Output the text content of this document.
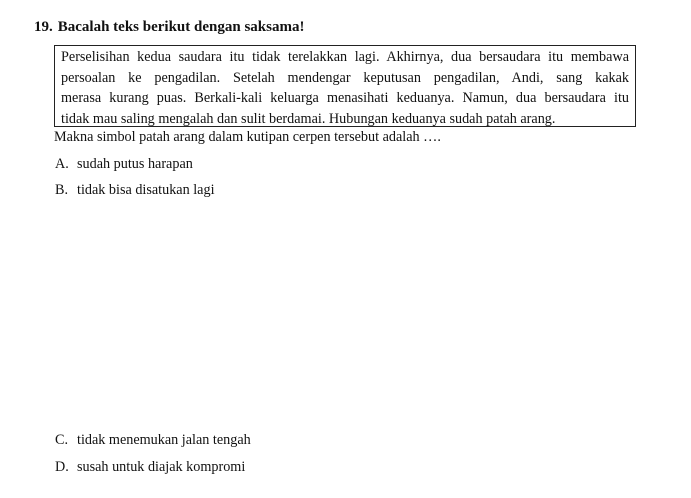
19. Bacalah teks berikut dengan saksama!
Perselisihan kedua saudara itu tidak terelakkan lagi. Akhirnya, dua bersaudara itu membawa
persoalan ke pengadilan. Setelah mendengar keputusan pengadilan, Andi, sang kakak
merasa kurang puas. Berkali-kali keluarga menasihati keduanya. Namun, dua bersaudara itu
tidak mau saling mengalah dan sulit berdamai. Hubungan keduanya sudah patah arang.
Makna simbol patah arang dalam kutipan cerpen tersebut adalah ….
A. sudah putus harapan
B. tidak bisa disatukan lagi
C. tidak menemukan jalan tengah
D. susah untuk diajak kompromi
